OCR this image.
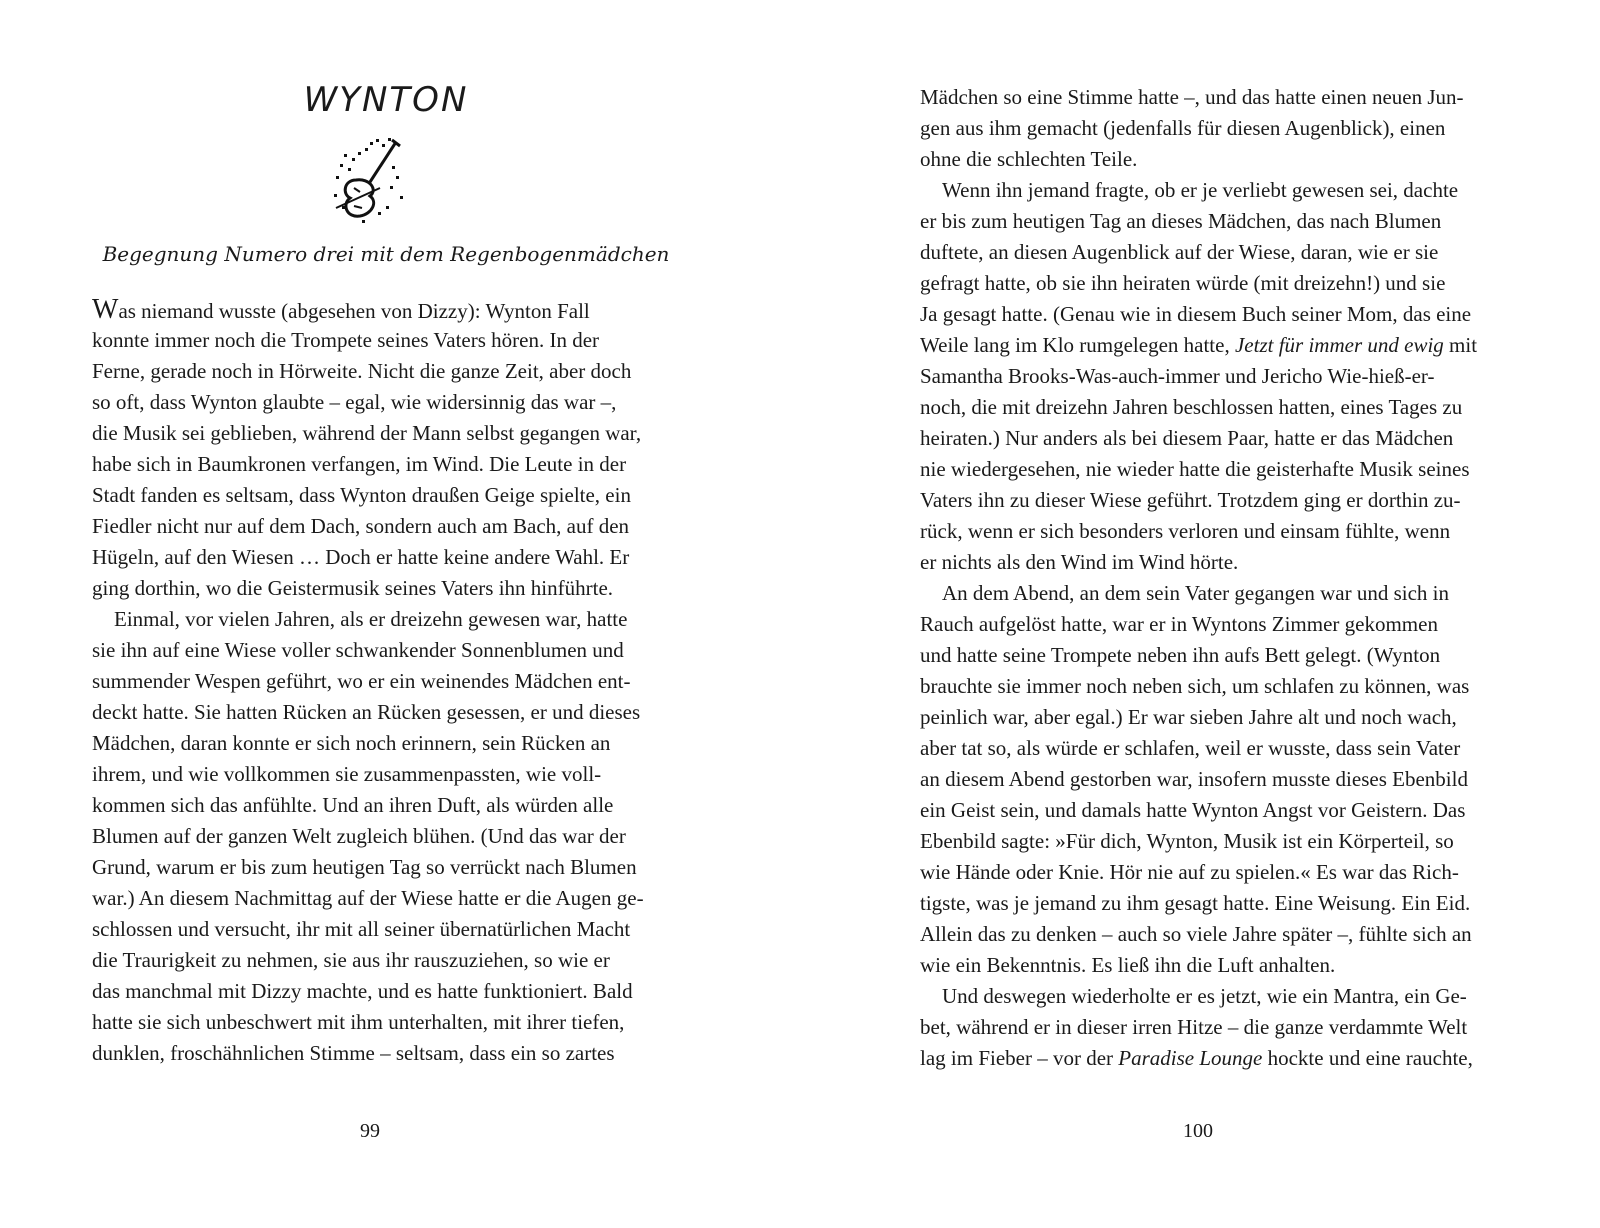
WYNTON

Begegnung Numero drei mit dem Regenbogenmädchen

Was niemand wusste (abgesehen von Dizzy): Wynton Fall

konnte immer noch die Trompete seines Vaters hören. In der

Ferne, gerade noch in Hörweite. Nicht die ganze Zeit, aber doch

so oft, dass Wynton glaubte – egal, wie widersinnig das war –,

die Musik sei geblieben, während der Mann selbst gegangen war,

habe sich in Baumkronen verfangen, im Wind. Die Leute in der

Stadt fanden es seltsam, dass Wynton draußen Geige spielte, ein

Fiedler nicht nur auf dem Dach, sondern auch am Bach, auf den

Hügeln, auf den Wiesen … Doch er hatte keine andere Wahl. Er

ging dorthin, wo die Geistermusik seines Vaters ihn hinführte.

Einmal, vor vielen Jahren, als er dreizehn gewesen war, hatte

sie ihn auf eine Wiese voller schwankender Sonnenblumen und

summender Wespen geführt, wo er ein weinendes Mädchen ent-

deckt hatte. Sie hatten Rücken an Rücken gesessen, er und dieses

Mädchen, daran konnte er sich noch erinnern, sein Rücken an

ihrem, und wie vollkommen sie zusammenpassten, wie voll-

kommen sich das anfühlte. Und an ihren Duft, als würden alle

Blumen auf der ganzen Welt zugleich blühen. (Und das war der

Grund, warum er bis zum heutigen Tag so verrückt nach Blumen

war.) An diesem Nachmittag auf der Wiese hatte er die Augen ge-

schlossen und versucht, ihr mit all seiner übernatürlichen Macht

die Traurigkeit zu nehmen, sie aus ihr rauszuziehen, so wie er

das manchmal mit Dizzy machte, und es hatte funktioniert. Bald

hatte sie sich unbeschwert mit ihm unterhalten, mit ihrer tiefen,

dunklen, froschähnlichen Stimme – seltsam, dass ein so zartes

99

Mädchen so eine Stimme hatte –, und das hatte einen neuen Jun-

gen aus ihm gemacht (jedenfalls für diesen Augenblick), einen

ohne die schlechten Teile.

Wenn ihn jemand fragte, ob er je verliebt gewesen sei, dachte

er bis zum heutigen Tag an dieses Mädchen, das nach Blumen

duftete, an diesen Augenblick auf der Wiese, daran, wie er sie

gefragt hatte, ob sie ihn heiraten würde (mit dreizehn!) und sie

Ja gesagt hatte. (Genau wie in diesem Buch seiner Mom, das eine

Weile lang im Klo rumgelegen hatte, Jetzt für immer und ewig mit

Samantha Brooks-Was-auch-immer und Jericho Wie-hieß-er-

noch, die mit dreizehn Jahren beschlossen hatten, eines Tages zu

heiraten.) Nur anders als bei diesem Paar, hatte er das Mädchen

nie wiedergesehen, nie wieder hatte die geisterhafte Musik seines

Vaters ihn zu dieser Wiese geführt. Trotzdem ging er dorthin zu-

rück, wenn er sich besonders verloren und einsam fühlte, wenn

er nichts als den Wind im Wind hörte.

An dem Abend, an dem sein Vater gegangen war und sich in

Rauch aufgelöst hatte, war er in Wyntons Zimmer gekommen

und hatte seine Trompete neben ihn aufs Bett gelegt. (Wynton

brauchte sie immer noch neben sich, um schlafen zu können, was

peinlich war, aber egal.) Er war sieben Jahre alt und noch wach,

aber tat so, als würde er schlafen, weil er wusste, dass sein Vater

an diesem Abend gestorben war, insofern musste dieses Ebenbild

ein Geist sein, und damals hatte Wynton Angst vor Geistern. Das

Ebenbild sagte: »Für dich, Wynton, Musik ist ein Körperteil, so

wie Hände oder Knie. Hör nie auf zu spielen.« Es war das Rich-

tigste, was je jemand zu ihm gesagt hatte. Eine Weisung. Ein Eid.

Allein das zu denken – auch so viele Jahre später –, fühlte sich an

wie ein Bekenntnis. Es ließ ihn die Luft anhalten.

Und deswegen wiederholte er es jetzt, wie ein Mantra, ein Ge-

bet, während er in dieser irren Hitze – die ganze verdammte Welt

lag im Fieber – vor der Paradise Lounge hockte und eine rauchte,

100
